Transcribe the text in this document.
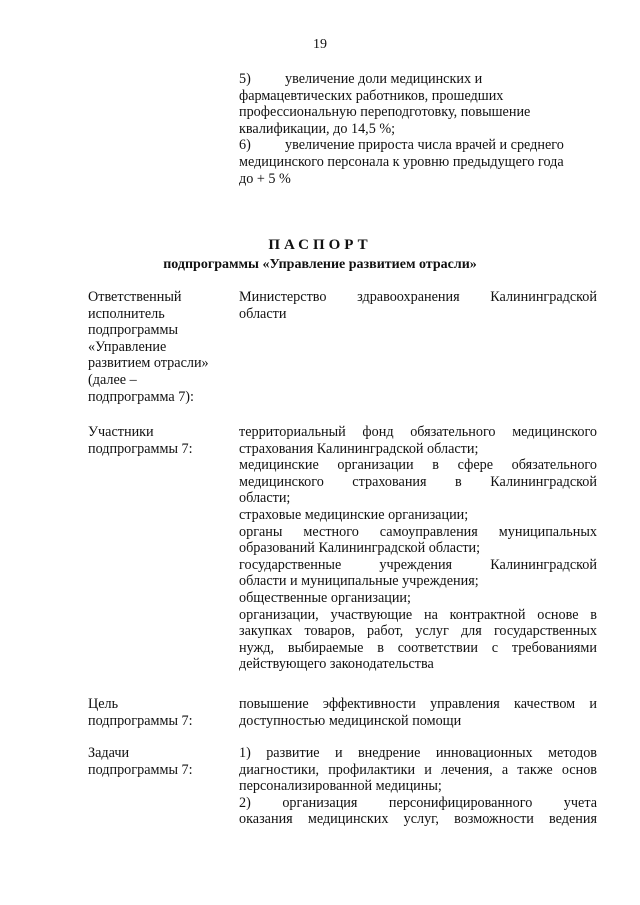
19
5) увеличение доли медицинских и
фармацевтических работников, прошедших
профессиональную переподготовку, повышение
квалификации, до 14,5 %;
6) увеличение прироста числа врачей и среднего
медицинского персонала к уровню предыдущего года
до + 5 %
ПАСПОРТ
подпрограммы «Управление развитием отрасли»
Ответственный
исполнитель
подпрограммы
«Управление
развитием отрасли»
(далее –
подпрограмма 7):
Министерство здравоохранения Калининградской
области
Участники
подпрограммы 7:
территориальный фонд обязательного медицинского
страхования Калининградской области;
медицинские организации в сфере обязательного
медицинского страхования в Калининградской
области;
страховые медицинские организации;
органы местного самоуправления муниципальных
образований Калининградской области;
государственные учреждения Калининградской
области и муниципальные учреждения;
общественные организации;
организации, участвующие на контрактной основе в
закупках товаров, работ, услуг для государственных
нужд, выбираемые в соответствии с требованиями
действующего законодательства
Цель
подпрограммы 7:
повышение эффективности управления качеством и
доступностью медицинской помощи
Задачи
подпрограммы 7:
1) развитие и внедрение инновационных методов
диагностики, профилактики и лечения, а также основ
персонализированной медицины;
2) организация персонифицированного учета
оказания медицинских услуг, возможности ведения
